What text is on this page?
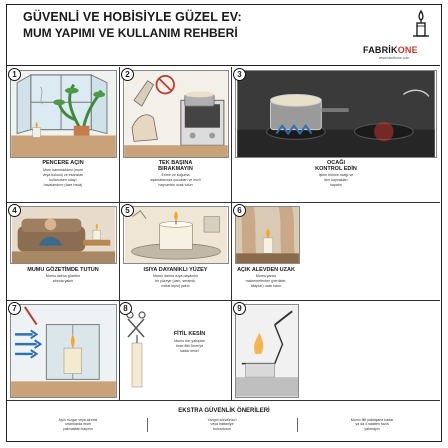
GÜVENLİ VE HOBİSİYLE GÜZEL EV:
MUM YAPIMI VE KULLANIM REHBERİ
FABRİKONE
www.fabrikone.com
1
PENCERE AÇIN
Mum hammaddesi (mum
veya kokulu) ve esansları
kullanırken odayı
havalandırın (taze hava)
2
TEK BAŞINA
BIRAKMAYIN
Erime ve soğuma
aşamalarında çocukları ve evcil
hayvanları uzak tutun
3
OCAĞI
KONTROL EDİN
İşlem bitince ocağı ve
tüm kaynakları
kapatın
4
MUMU GÖZETİMDE TUTUN
Mumu daima gözetim
altında yakın
5
ISIYA DAYANIKLI YÜZEY
Mumu daima ısıya dayanıklı
bir yüzeye (cam, seramik,
metal tepsi) yakın
6
AÇIK ALEVDEN UZAK
Mumu yanıcı
malzemelerden (perdeler,
kitaplar) uzak tutun
7	8
FİTİL KESİN
Mumu her yakıştan
önce fitili 5mm'ye
kadar kesin
9
EKSTRA GÜVENLİK ÖNERİLERİ
Aşırı rüzgar veya akıntılı
ortamlarda mum
yakmaktan kaçının
Yangın söndürücü
veya battaniye
bulundurun
Mumu fitil yaklaşana kadar
ya da 4 saatten fazla
yakmayın
